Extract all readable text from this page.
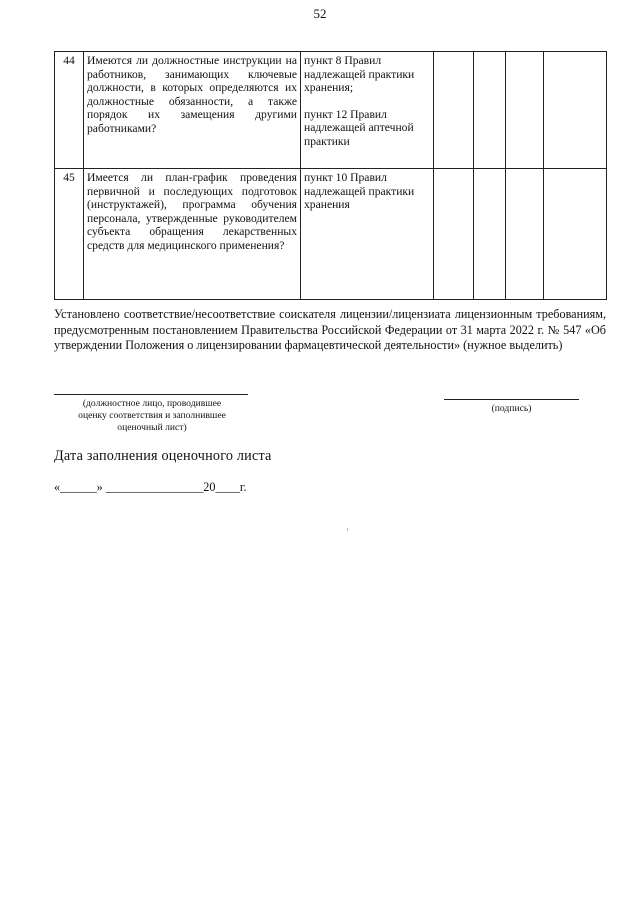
52
44	Имеются ли должностные инструкции на работников, занимающих ключевые должности, в которых определяются их должностные обязанности, а также порядок их замещения другими работниками?	пункт 8 Правил надлежащей практики хранения;
пункт 12 Правил надлежащей аптечной практики				

45	Имеется ли план-график проведения первичной и последующих подготовок (инструктажей), программа обучения персонала, утвержденные руководителем субъекта обращения лекарственных средств для медицинского применения?	пункт 10 Правил надлежащей практики хранения				

Установлено соответствие/несоответствие соискателя лицензии/лицензиата лицензионным требованиям, предусмотренным постановлением Правительства Российской Федерации от 31 марта 2022 г. № 547 «Об утверждении Положения о лицензировании фармацевтической деятельности» (нужное выделить)
(должностное лицо, проводившее
оценку соответствия и заполнившее
оценочный лист)
(подпись)
Дата заполнения оценочного листа
«______» ________________20____г.
